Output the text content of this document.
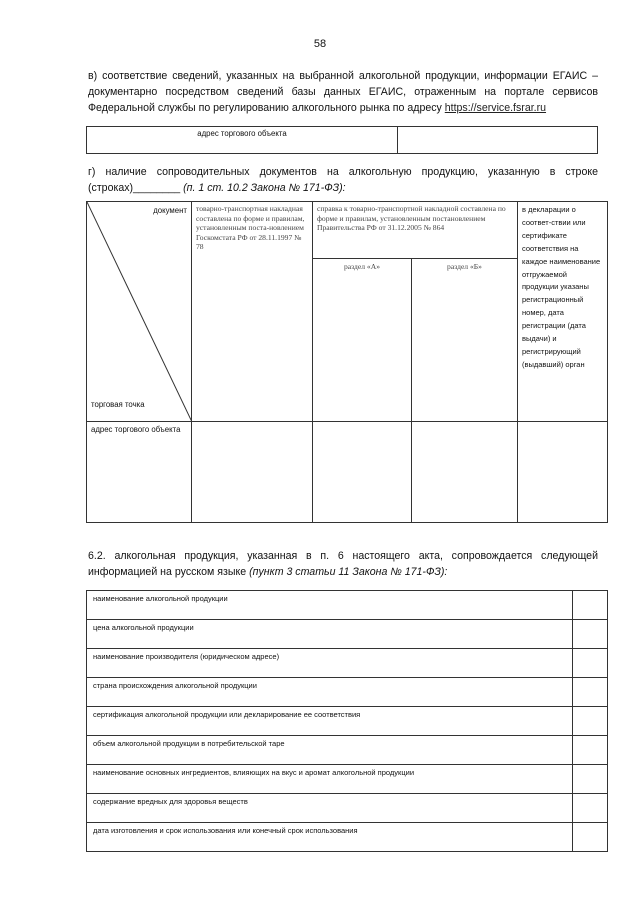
58
в) соответствие сведений, указанных на выбранной алкогольной продукции, информации ЕГАИС –
документарно посредством сведений базы данных ЕГАИС, отраженным на портале сервисов
Федеральной службы по регулированию алкогольного рынка по адресу https://service.fsrar.ru
адрес торгового объекта	
г) наличие сопроводительных документов на алкогольную продукцию, указанную в строке
(строках)________ (п. 1 ст. 10.2 Закона № 171-ФЗ):
документ
торговая точка	товарно-транспортная накладная составлена по форме и правилам, установленным поста-новлением Госкомстата РФ от 28.11.1997 № 78	справка к товарно-транспортной накладной составлена по форме и правилам, установленным постановлением Правительства РФ от 31.12.2005 № 864		в декларации о соответ-ствии или сертификате соответствия на каждое наименование отгружаемой продукции указаны регистрационный номер, дата регистрации (дата выдачи) и регистрирующий (выдавший) орган
		раздел «А»	раздел «Б»	
адрес торгового объекта				
6.2. алкогольная продукция, указанная в п. 6 настоящего акта, сопровождается следующей
информацией на русском языке (пункт 3 статьи 11 Закона № 171-ФЗ):
наименование алкогольной продукции	
цена алкогольной продукции	
наименование производителя (юридическом адресе)	
страна происхождения алкогольной продукции	
сертификация алкогольной продукции или декларирование ее соответствия	
объем алкогольной продукции в потребительской таре	
наименование основных ингредиентов, влияющих на вкус и аромат алкогольной продукции	
содержание вредных для здоровья веществ	
дата изготовления и срок использования или конечный срок использования	
